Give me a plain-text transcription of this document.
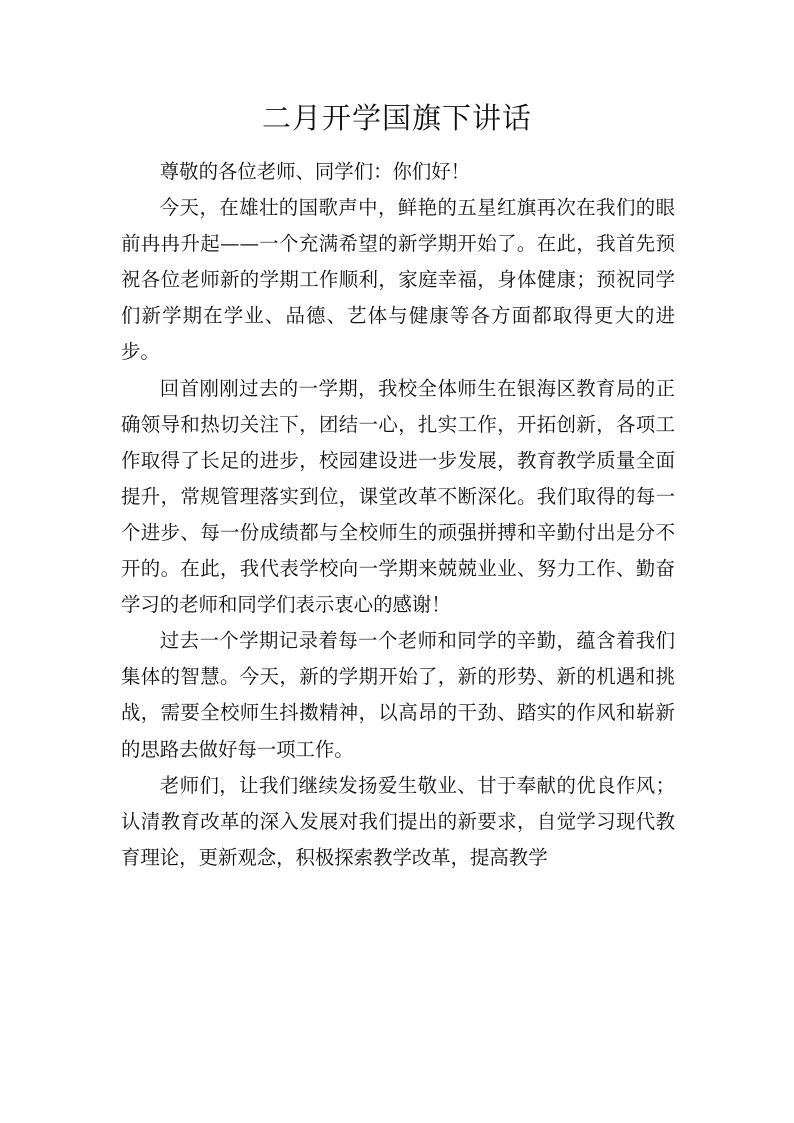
二月开学国旗下讲话

尊敬的各位老师、同学们：你们好！

今天，在雄壮的国歌声中，鲜艳的五星红旗再次在我们的眼前冉冉升起——一个充满希望的新学期开始了。在此，我首先预祝各位老师新的学期工作顺利，家庭幸福，身体健康；预祝同学们新学期在学业、品德、艺体与健康等各方面都取得更大的进步。

回首刚刚过去的一学期，我校全体师生在银海区教育局的正确领导和热切关注下，团结一心，扎实工作，开拓创新，各项工作取得了长足的进步，校园建设进一步发展，教育教学质量全面提升，常规管理落实到位，课堂改革不断深化。我们取得的每一个进步、每一份成绩都与全校师生的顽强拼搏和辛勤付出是分不开的。在此，我代表学校向一学期来兢兢业业、努力工作、勤奋学习的老师和同学们表示衷心的感谢！

过去一个学期记录着每一个老师和同学的辛勤，蕴含着我们集体的智慧。今天，新的学期开始了，新的形势、新的机遇和挑战，需要全校师生抖擞精神，以高昂的干劲、踏实的作风和崭新的思路去做好每一项工作。

老师们，让我们继续发扬爱生敬业、甘于奉献的优良作风；认清教育改革的深入发展对我们提出的新要求，自觉学习现代教育理论，更新观念，积极探索教学改革，提高教学
